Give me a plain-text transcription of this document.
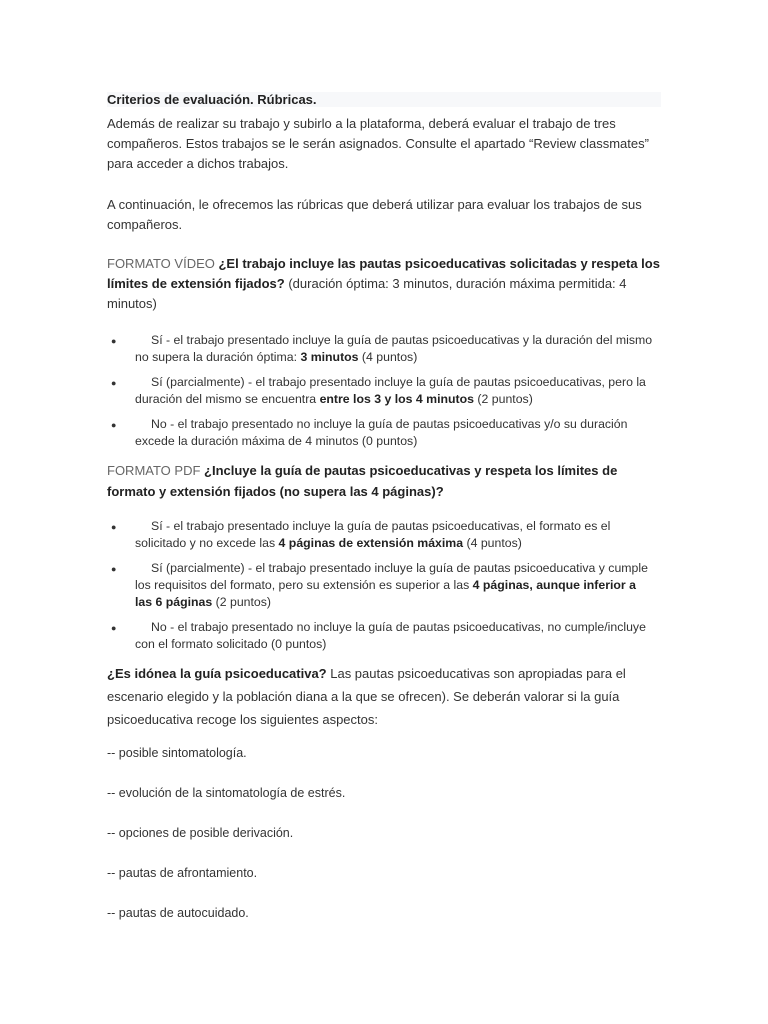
Criterios de evaluación. Rúbricas.
Además de realizar su trabajo y subirlo a la plataforma, deberá evaluar el trabajo de tres compañeros. Estos trabajos se le serán asignados. Consulte el apartado “Review classmates” para acceder a dichos trabajos.
A continuación, le ofrecemos las rúbricas que deberá utilizar para evaluar los trabajos de sus compañeros.
FORMATO VÍDEO ¿El trabajo incluye las pautas psicoeducativas solicitadas y respeta los límites de extensión fijados? (duración óptima: 3 minutos, duración máxima permitida: 4 minutos)
●	Sí - el trabajo presentado incluye la guía de pautas psicoeducativas y la duración del mismo no supera la duración óptima: 3 minutos (4 puntos)
●	Sí (parcialmente) - el trabajo presentado incluye la guía de pautas psicoeducativas, pero la duración del mismo se encuentra entre los 3 y los 4 minutos (2 puntos)
●	No - el trabajo presentado no incluye la guía de pautas psicoeducativas y/o su duración excede la duración máxima de 4 minutos (0 puntos)
FORMATO PDF ¿Incluye la guía de pautas psicoeducativas y respeta los límites de formato y extensión fijados (no supera las 4 páginas)?
●	Sí - el trabajo presentado incluye la guía de pautas psicoeducativas, el formato es el solicitado y no excede las 4 páginas de extensión máxima (4 puntos)
●	Sí (parcialmente) - el trabajo presentado incluye la guía de pautas psicoeducativa y cumple los requisitos del formato, pero su extensión es superior a las 4 páginas, aunque inferior a las 6 páginas (2 puntos)
●	No - el trabajo presentado no incluye la guía de pautas psicoeducativas, no cumple/incluye con el formato solicitado (0 puntos)
¿Es idónea la guía psicoeducativa? Las pautas psicoeducativas son apropiadas para el escenario elegido y la población diana a la que se ofrecen). Se deberán valorar si la guía psicoeducativa recoge los siguientes aspectos:
-- posible sintomatología.
-- evolución de la sintomatología de estrés.
-- opciones de posible derivación.
-- pautas de afrontamiento.
-- pautas de autocuidado.
